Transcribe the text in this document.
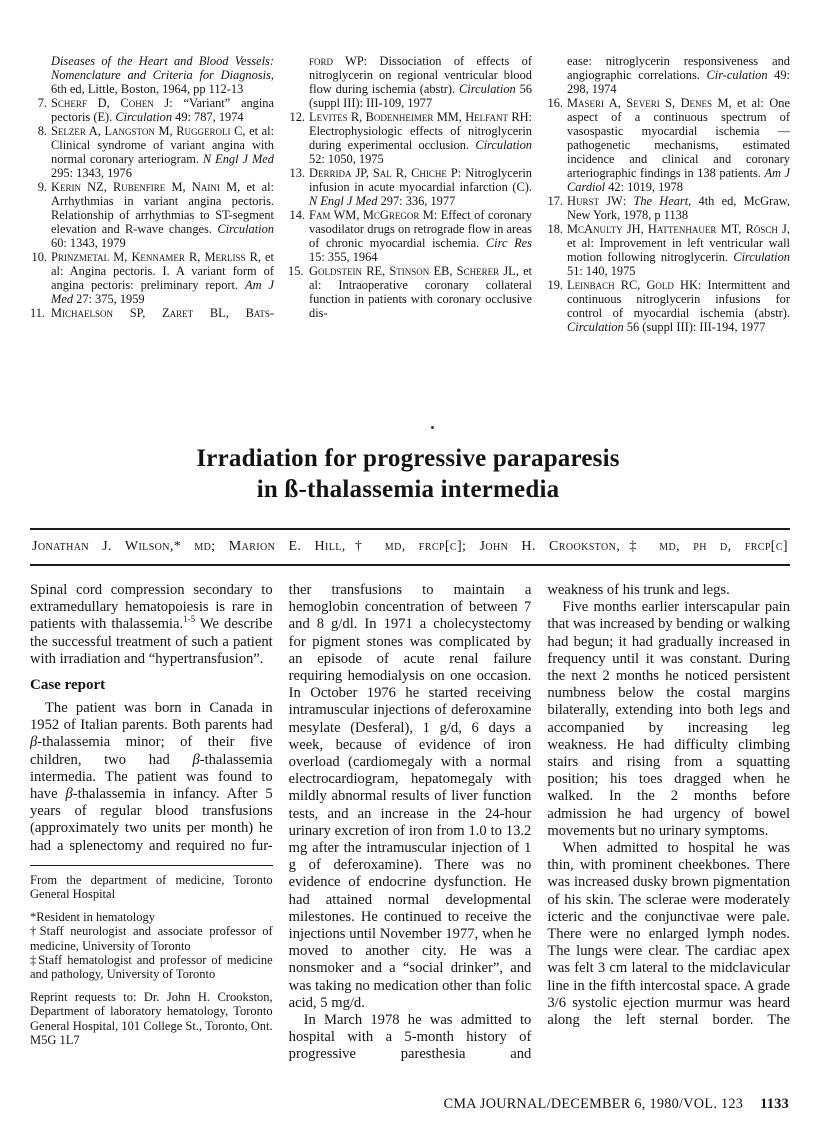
Diseases of the Heart and Blood Vessels: Nomenclature and Criteria for Diagnosis, 6th ed, Little, Boston, 1964, pp 112-13
7. Scherf D, Cohen J: “Variant” angina pectoris (E). Circulation 49: 787, 1974
8. Selzer A, Langston M, Ruggeroli C, et al: Clinical syndrome of variant angina with normal coronary arteriogram. N Engl J Med 295: 1343, 1976
9. Kerin NZ, Rubenfire M, Naini M, et al: Arrhythmias in variant angina pectoris. Relationship of arrhythmias to ST-segment elevation and R-wave changes. Circulation 60: 1343, 1979
10. Prinzmetal M, Kennamer R, Merliss R, et al: Angina pectoris. I. A variant form of angina pectoris: preliminary report. Am J Med 27: 375, 1959
11. Michaelson SP, Zaret BL, Bats-
ford WP: Dissociation of effects of nitroglycerin on regional ventricular blood flow during ischemia (abstr). Circulation 56 (suppl III): III-109, 1977
12. Levites R, Bodenheimer MM, Helfant RH: Electrophysiologic effects of nitroglycerin during experimental occlusion. Circulation 52: 1050, 1975
13. Derrida JP, Sal R, Chiche P: Nitroglycerin infusion in acute myocardial infarction (C). N Engl J Med 297: 336, 1977
14. Fam WM, McGregor M: Effect of coronary vasodilator drugs on retrograde flow in areas of chronic myocardial ischemia. Circ Res 15: 355, 1964
15. Goldstein RE, Stinson EB, Scherer JL, et al: Intraoperative coronary collateral function in patients with coronary occlusive dis-
ease: nitroglycerin responsiveness and angiographic correlations. Cir-culation 49: 298, 1974
16. Maseri A, Severi S, Denes M, et al: One aspect of a continuous spectrum of vasospastic myocardial ischemia — pathogenetic mechanisms, estimated incidence and clinical and coronary arteriographic findings in 138 patients. Am J Cardiol 42: 1019, 1978
17. Hurst JW: The Heart, 4th ed, McGraw, New York, 1978, p 1138
18. McAnulty JH, Hattenhauer MT, Rösch J, et al: Improvement in left ventricular wall motion following nitroglycerin. Circulation 51: 140, 1975
19. Leinbach RC, Gold HK: Intermittent and continuous nitroglycerin infusions for control of myocardial ischemia (abstr). Circulation 56 (suppl III): III-194, 1977
Irradiation for progressive paraparesis
in ß-thalassemia intermedia
Jonathan J. Wilson,* md; Marion E. Hill,† md, frcp[c]; John H. Crookston,‡ md, ph d, frcp[c]

Spinal cord compression secondary to extramedullary hematopoiesis is rare in patients with thalassemia.$^{1-5}$ We describe the successful treatment of such a patient with irradiation and “hypertransfusion”.

Case report

The patient was born in Canada in 1952 of Italian parents. Both parents had β-thalassemia minor; of their five children, two had β-thalassemia intermedia. The patient was found to have β-thalassemia in infancy. After 5 years of regular blood transfusions (approximately two units per month) he had a splenectomy and required no fur-

From the department of medicine, Toronto General Hospital

*Resident in hematology

†Staff neurologist and associate professor of medicine, University of Toronto

‡Staff hematologist and professor of medicine and pathology, University of Toronto

Reprint requests to: Dr. John H. Crookston, Department of laboratory hematology, Toronto General Hospital, 101 College St., Toronto, Ont. M5G 1L7

ther transfusions to maintain a hemoglobin concentration of between 7 and 8 g/dl. In 1971 a cholecystectomy for pigment stones was complicated by an episode of acute renal failure requiring hemodialysis on one occasion. In October 1976 he started receiving intramuscular injections of deferoxamine mesylate (Desferal), 1 g/d, 6 days a week, because of evidence of iron overload (cardiomegaly with a normal electrocardiogram, hepatomegaly with mildly abnormal results of liver function tests, and an increase in the 24-hour urinary excretion of iron from 1.0 to 13.2 mg after the intramuscular injection of 1 g of deferoxamine). There was no evidence of endocrine dysfunction. He had attained normal developmental milestones. He continued to receive the injections until November 1977, when he moved to another city. He was a nonsmoker and a “social drinker”, and was taking no medication other than folic acid, 5 mg/d.

In March 1978 he was admitted to hospital with a 5-month history of progressive paresthesia and

weakness of his trunk and legs.

Five months earlier interscapular pain that was increased by bending or walking had begun; it had gradually increased in frequency until it was constant. During the next 2 months he noticed persistent numbness below the costal margins bilaterally, extending into both legs and accompanied by increasing leg weakness. He had difficulty climbing stairs and rising from a squatting position; his toes dragged when he walked. In the 2 months before admission he had urgency of bowel movements but no urinary symptoms.

When admitted to hospital he was thin, with prominent cheekbones. There was increased dusky brown pigmentation of his skin. The sclerae were moderately icteric and the conjunctivae were pale. There were no enlarged lymph nodes. The lungs were clear. The cardiac apex was felt 3 cm lateral to the midclavicular line in the fifth intercostal space. A grade 3/6 systolic ejection murmur was heard along the left sternal border. The

CMA JOURNAL/DECEMBER 6, 1980/VOL. 123 1133
